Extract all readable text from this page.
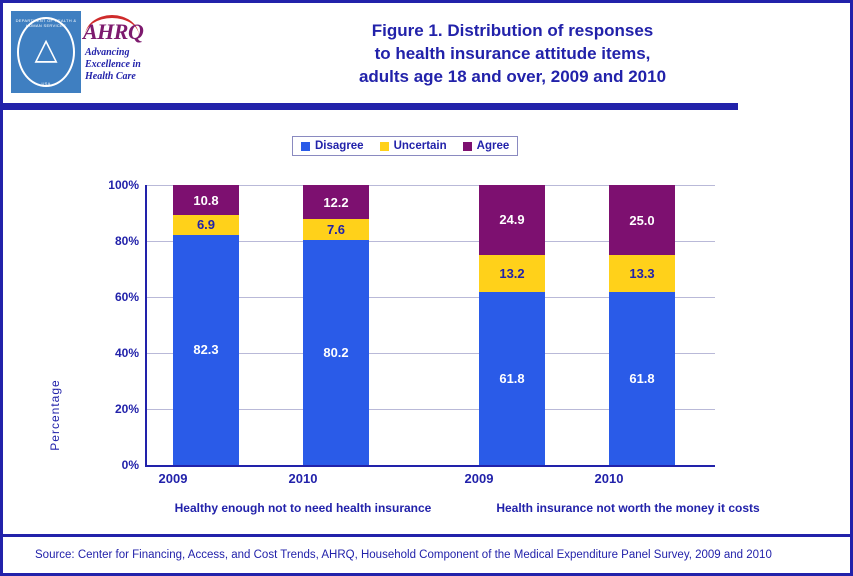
DEPARTMENT OF HEALTH & HUMAN SERVICES
△
USA
AHRQ
Advancing
Excellence in
Health Care
Figure 1. Distribution of responses
to health insurance attitude items,
adults age 18 and over, 2009 and 2010
Disagree	Uncertain	Agree
Percentage
100%
80%
60%
40%
20%
0%
10.8
6.9
82.3
12.2
7.6
80.2
24.9
13.2
61.8
25.0
13.3
61.8
2009	2010	2009	2010
Healthy enough not to need health insurance	Health insurance not worth the money it costs
Source: Center for Financing, Access, and Cost Trends, AHRQ, Household Component of the Medical Expenditure Panel Survey, 2009 and 2010
